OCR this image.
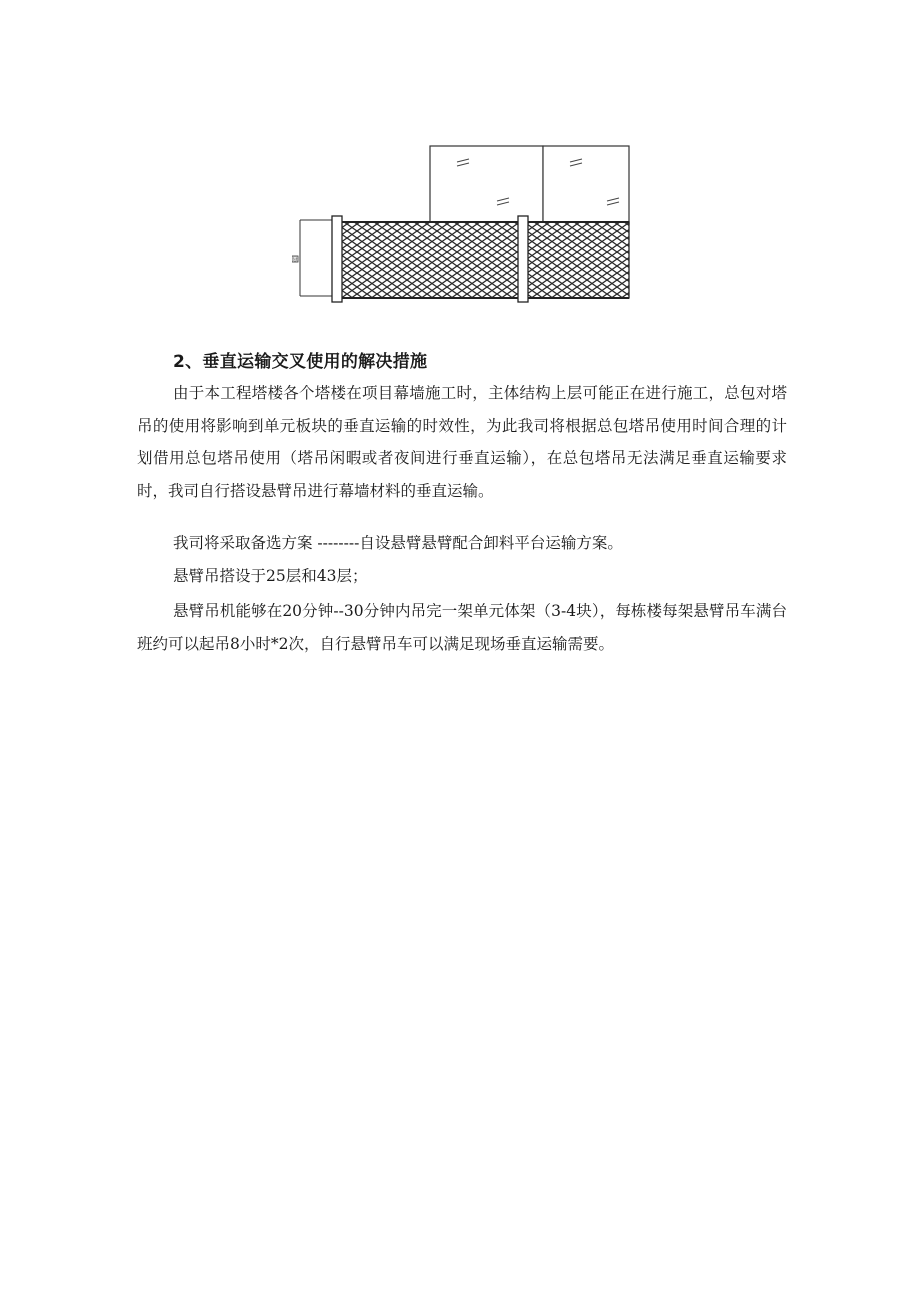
悬
2、垂直运输交叉使用的解决措施

由于本工程塔楼各个塔楼在项目幕墙施工时，主体结构上层可能正在进行施工，总包对塔吊的使用将影响到单元板块的垂直运输的时效性，为此我司将根据总包塔吊使用时间合理的计划借用总包塔吊使用（塔吊闲暇或者夜间进行垂直运输），在总包塔吊无法满足垂直运输要求时，我司自行搭设悬臂吊进行幕墙材料的垂直运输。

我司将采取备选方案 --------自设悬臂悬臂配合卸料平台运输方案。

悬臂吊搭设于25层和43层；

悬臂吊机能够在20分钟--30分钟内吊完一架单元体架（3-4块），每栋楼每架悬臂吊车满台班约可以起吊8小时*2次，自行悬臂吊车可以满足现场垂直运输需要。
